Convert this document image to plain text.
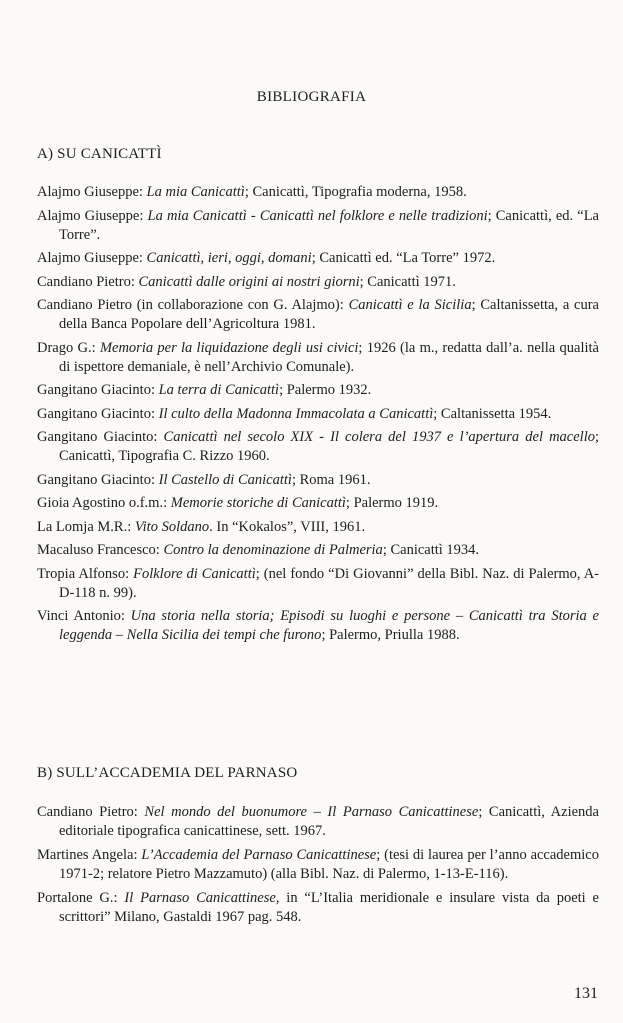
BIBLIOGRAFIA
A) SU CANICATTÌ

Alajmo Giuseppe: La mia Canicattì; Canicattì, Tipografia moderna, 1958.

Alajmo Giuseppe: La mia Canicattì - Canicattì nel folklore e nelle tradizioni; Canicattì, ed. “La Torre”.

Alajmo Giuseppe: Canicattì, ieri, oggi, domani; Canicattì ed. “La Torre” 1972.

Candiano Pietro: Canicattì dalle origini ai nostri giorni; Canicattì 1971.

Candiano Pietro (in collaborazione con G. Alajmo): Canicattì e la Sicilia; Caltanissetta, a cura della Banca Popolare dell’Agricoltura 1981.

Drago G.: Memoria per la liquidazione degli usi civici; 1926 (la m., redatta dall’a. nella qualità di ispettore demaniale, è nell’Archivio Comunale).

Gangitano Giacinto: La terra di Canicattì; Palermo 1932.

Gangitano Giacinto: Il culto della Madonna Immacolata a Canicattì; Caltanissetta 1954.

Gangitano Giacinto: Canicattì nel secolo XIX - Il colera del 1937 e l’apertura del macello; Canicattì, Tipografia C. Rizzo 1960.

Gangitano Giacinto: Il Castello di Canicattì; Roma 1961.

Gioia Agostino o.f.m.: Memorie storiche di Canicattì; Palermo 1919.

La Lomja M.R.: Vito Soldano. In “Kokalos”, VIII, 1961.

Macaluso Francesco: Contro la denominazione di Palmeria; Canicattì 1934.

Tropia Alfonso: Folklore di Canicattì; (nel fondo “Di Giovanni” della Bibl. Naz. di Palermo, A-D-118 n. 99).

Vinci Antonio: Una storia nella storia; Episodi su luoghi e persone – Canicattì tra Storia e leggenda – Nella Sicilia dei tempi che furono; Palermo, Priulla 1988.

B) SULL’ACCADEMIA DEL PARNASO

Candiano Pietro: Nel mondo del buonumore – Il Parnaso Canicattinese; Canicattì, Azienda editoriale tipografica canicattinese, sett. 1967.

Martines Angela: L’Accademia del Parnaso Canicattinese; (tesi di laurea per l’anno accademico 1971-2; relatore Pietro Mazzamuto) (alla Bibl. Naz. di Palermo, 1-13-E-116).

Portalone G.: Il Parnaso Canicattinese, in “L’Italia meridionale e insulare vista da poeti e scrittori” Milano, Gastaldi 1967 pag. 548.

131
